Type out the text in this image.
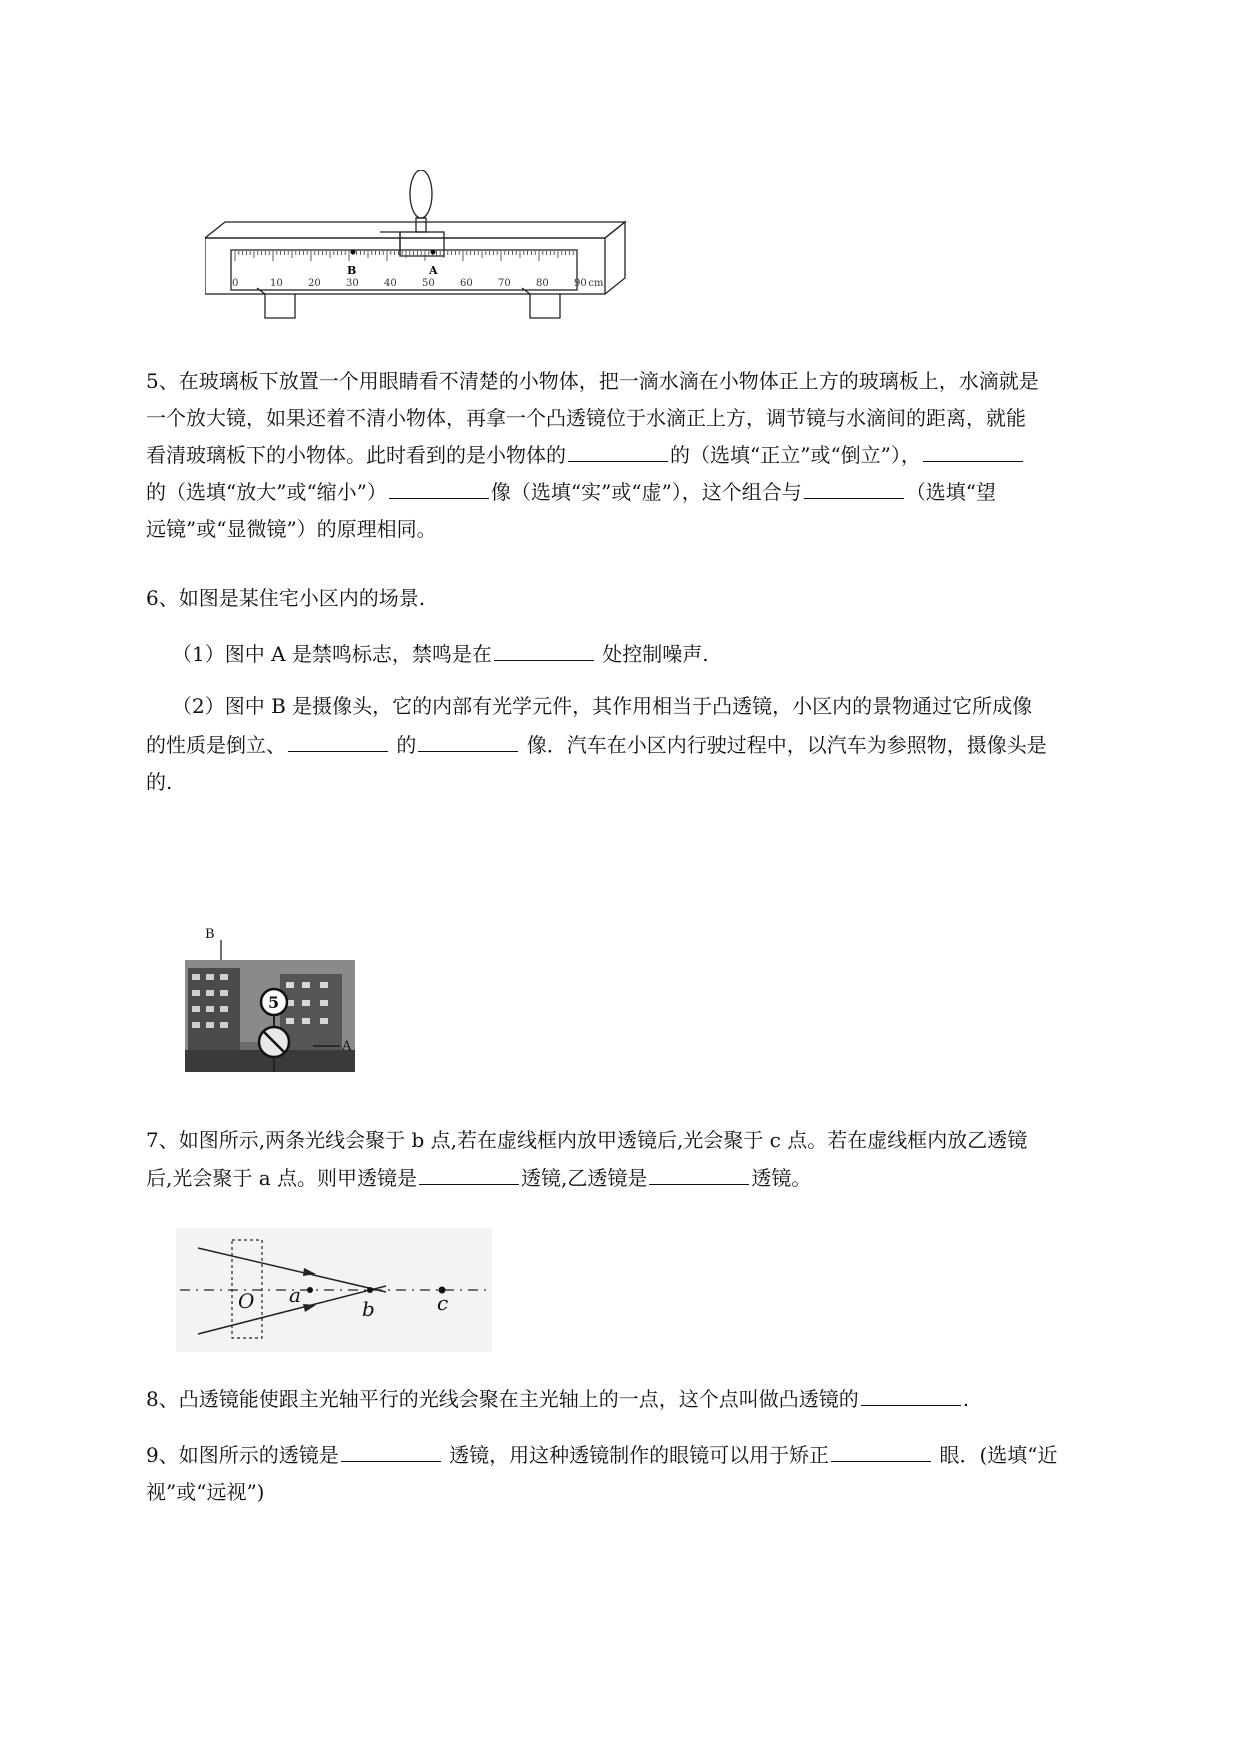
B	A
0	10	20	30	40	50	60	70	80	90 cm
5、在玻璃板下放置一个用眼睛看不清楚的小物体，把一滴水滴在小物体正上方的玻璃板上，水滴就是
一个放大镜，如果还着不清小物体，再拿一个凸透镜位于水滴正上方，调节镜与水滴间的距离，就能
看清玻璃板下的小物体。此时看到的是小物体的	的（选填“正立”或“倒立”），
的（选填“放大”或“缩小”）	像（选填“实”或“虚”），这个组合与	（选填“望
远镜”或“显微镜”）的原理相同。
6、如图是某住宅小区内的场景.
（1）图中 A 是禁鸣标志，禁鸣是在	处控制噪声.
（2）图中 B 是摄像头，它的内部有光学元件，其作用相当于凸透镜，小区内的景物通过它所成像
的性质是倒立、	的	像．汽车在小区内行驶过程中，以汽车为参照物，摄像头是
的.
B
5
A
7、如图所示,两条光线会聚于 b 点,若在虚线框内放甲透镜后,光会聚于 c 点。若在虚线框内放乙透镜
后,光会聚于 a 点。则甲透镜是	透镜,乙透镜是	透镜。
O a
b	c
8、凸透镜能使跟主光轴平行的光线会聚在主光轴上的一点，这个点叫做凸透镜的	.
9、如图所示的透镜是	透镜，用这种透镜制作的眼镜可以用于矫正	眼．(选填“近
视”或“远视”)
